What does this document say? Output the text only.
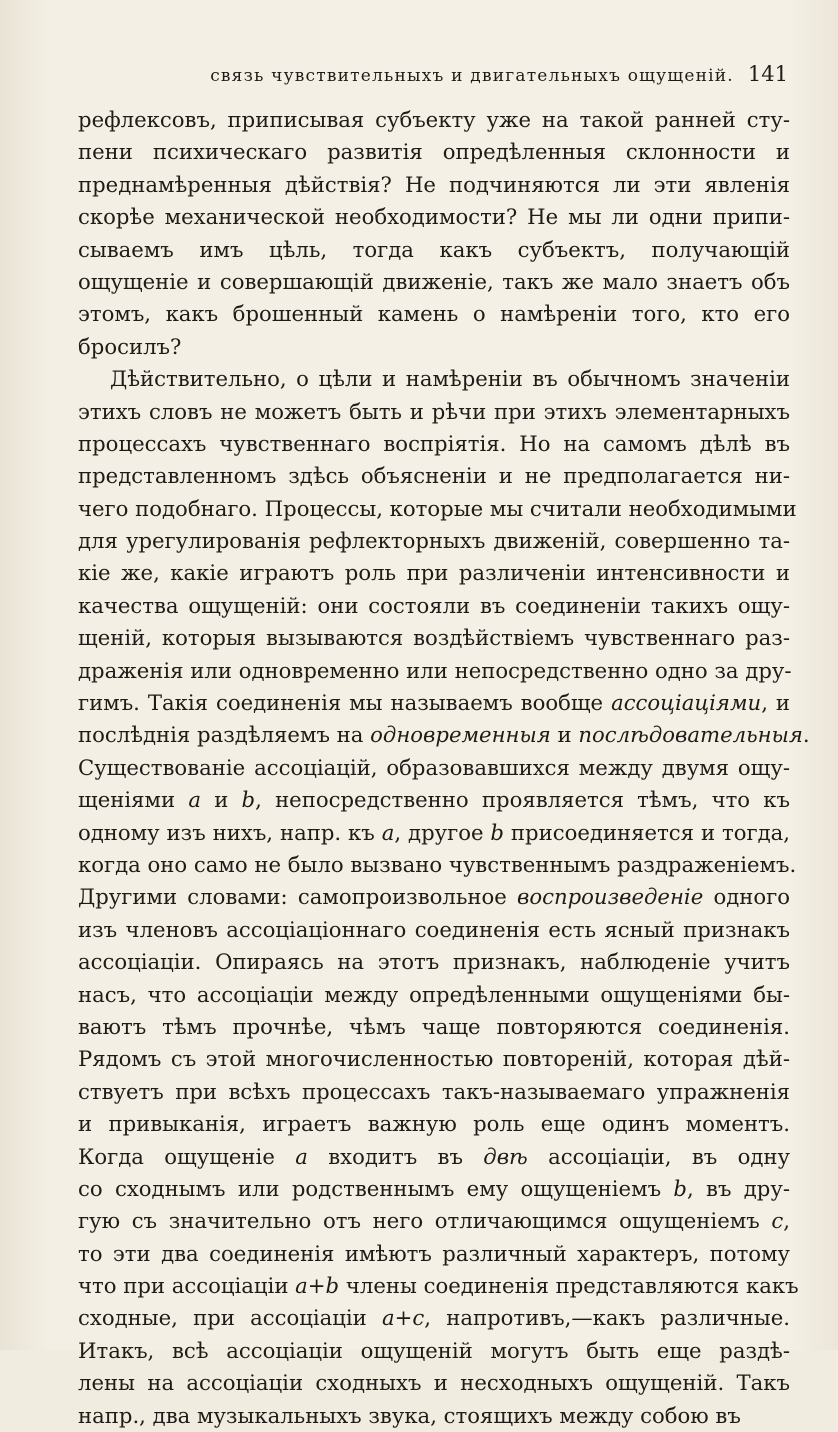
связь чувствительныхъ и двигательныхъ ощущеній. 141
рефлексовъ, приписывая субъекту уже на такой ранней сту-
пени психическаго развитія опредѣленныя склонности и
преднамѣренныя дѣйствія? Не подчиняются ли эти явленія
скорѣе механической необходимости? Не мы ли одни припи-
сываемъ имъ цѣль, тогда какъ субъектъ, получающій
ощущеніе и совершающій движеніе, такъ же мало знаетъ объ
этомъ, какъ брошенный камень о намѣреніи того, кто его
бросилъ?
Дѣйствительно, о цѣли и намѣреніи въ обычномъ значеніи
этихъ словъ не можетъ быть и рѣчи при этихъ элементарныхъ
процессахъ чувственнаго воспріятія. Но на самомъ дѣлѣ въ
представленномъ здѣсь объясненіи и не предполагается ни-
чего подобнаго. Процессы, которые мы считали необходимыми
для урегулированія рефлекторныхъ движеній, совершенно та-
кіе же, какіе играютъ роль при различеніи интенсивности и
качества ощущеній: они состояли въ соединеніи такихъ ощу-
щеній, которыя вызываются воздѣйствіемъ чувственнаго раз-
драженія или одновременно или непосредственно одно за дру-
гимъ. Такія соединенія мы называемъ вообще ассоціаціями, и
послѣднія раздѣляемъ на одновременныя и послѣдовательныя.
Существованіе ассоціацій, образовавшихся между двумя ощу-
щеніями a и b, непосредственно проявляется тѣмъ, что къ
одному изъ нихъ, напр. къ a, другое b присоединяется и тогда,
когда оно само не было вызвано чувственнымъ раздраженіемъ.
Другими словами: самопроизвольное воспроизведеніе одного
изъ членовъ ассоціаціоннаго соединенія есть ясный признакъ
ассоціаціи. Опираясь на этотъ признакъ, наблюденіе учитъ
насъ, что ассоціаціи между опредѣленными ощущеніями бы-
ваютъ тѣмъ прочнѣе, чѣмъ чаще повторяются соединенія.
Рядомъ съ этой многочисленностью повтореній, которая дѣй-
ствуетъ при всѣхъ процессахъ такъ-называемаго упражненія
и привыканія, играетъ важную роль еще одинъ моментъ.
Когда ощущеніе a входитъ въ двѣ ассоціаціи, въ одну
со сходнымъ или родственнымъ ему ощущеніемъ b, въ дру-
гую съ значительно отъ него отличающимся ощущеніемъ c,
то эти два соединенія имѣютъ различный характеръ, потому
что при ассоціаціи a+b члены соединенія представляются какъ
сходные, при ассоціаціи a+c, напротивъ,—какъ различные.
Итакъ, всѣ ассоціаціи ощущеній могутъ быть еще раздѣ-
лены на ассоціаціи сходныхъ и несходныхъ ощущеній. Такъ
напр., два музыкальныхъ звука, стоящихъ между собою въ
